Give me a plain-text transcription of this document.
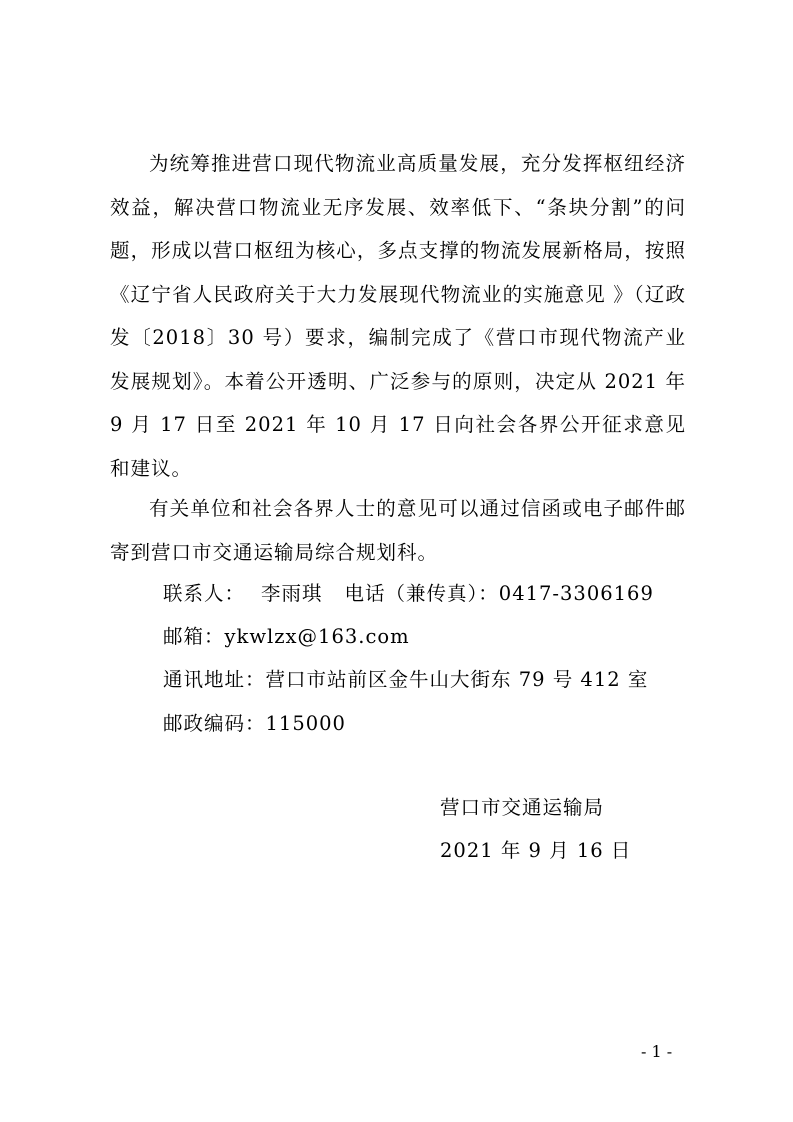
为统筹推进营口现代物流业高质量发展，充分发挥枢纽经济效益，解决营口物流业无序发展、效率低下、“条块分割”的问题，形成以营口枢纽为核心，多点支撑的物流发展新格局，按照《辽宁省人民政府关于大力发展现代物流业的实施意见 》（辽政发〔2018〕30 号）要求，编制完成了《营口市现代物流产业发展规划》。本着公开透明、广泛参与的原则，决定从 2021 年 9 月 17 日至 2021 年 10 月 17 日向社会各界公开征求意见和建议。

有关单位和社会各界人士的意见可以通过信函或电子邮件邮寄到营口市交通运输局综合规划科。

联系人： 李雨琪 电话（兼传真）：0417-3306169

邮箱：ykwlzx@163.com

通讯地址：营口市站前区金牛山大街东 79 号 412 室

邮政编码：115000

营口市交通运输局

2021 年 9 月 16 日

- 1 -
